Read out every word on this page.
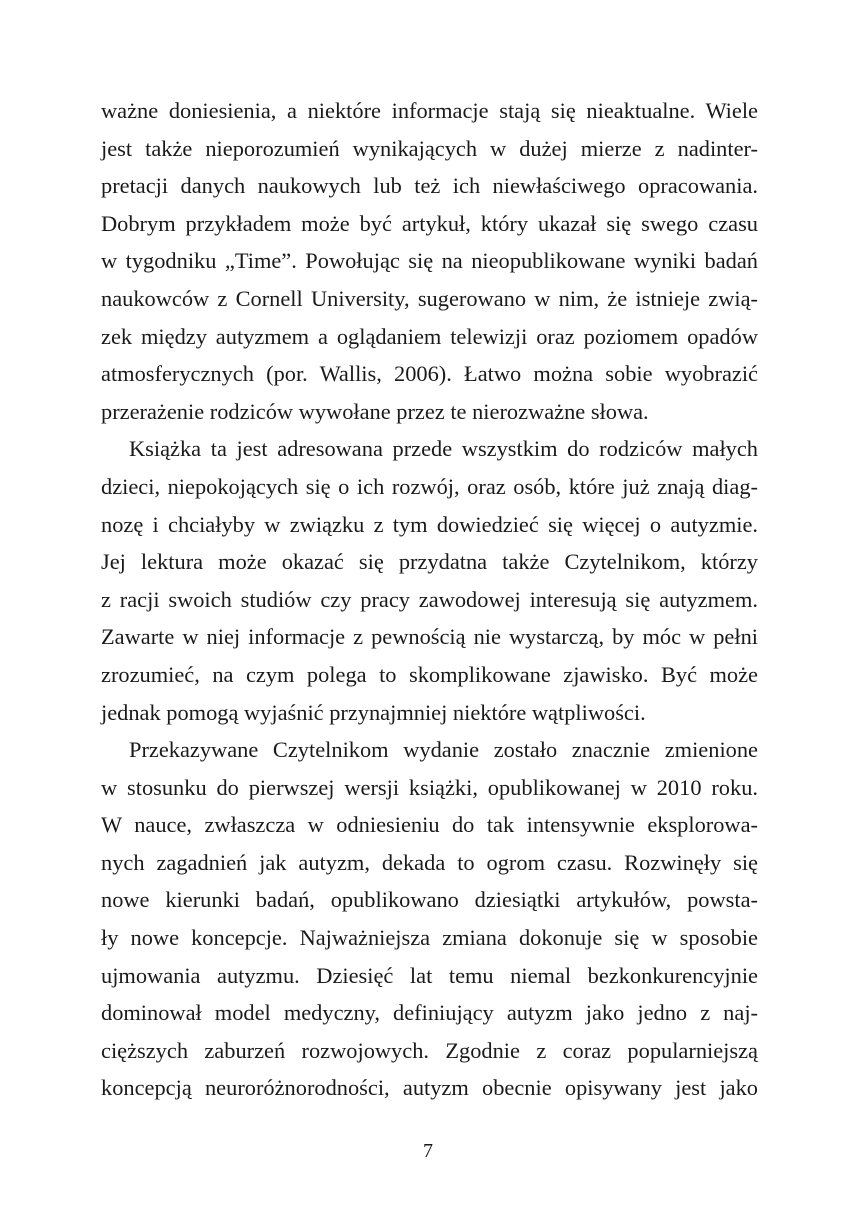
ważne doniesienia, a niektóre informacje stają się nieaktualne. Wiele
jest także nieporozumień wynikających w dużej mierze z nadinter-
pretacji danych naukowych lub też ich niewłaściwego opracowania.
Dobrym przykładem może być artykuł, który ukazał się swego czasu
w tygodniku „Time”. Powołując się na nieopublikowane wyniki badań
naukowców z Cornell University, sugerowano w nim, że istnieje zwią-
zek między autyzmem a oglądaniem telewizji oraz poziomem opadów
atmosferycznych (por. Wallis, 2006). Łatwo można sobie wyobrazić
przerażenie rodziców wywołane przez te nierozważne słowa.
Książka ta jest adresowana przede wszystkim do rodziców małych
dzieci, niepokojących się o ich rozwój, oraz osób, które już znają diag-
nozę i chciałyby w związku z tym dowiedzieć się więcej o autyzmie.
Jej lektura może okazać się przydatna także Czytelnikom, którzy
z racji swoich studiów czy pracy zawodowej interesują się autyzmem.
Zawarte w niej informacje z pewnością nie wystarczą, by móc w pełni
zrozumieć, na czym polega to skomplikowane zjawisko. Być może
jednak pomogą wyjaśnić przynajmniej niektóre wątpliwości.
Przekazywane Czytelnikom wydanie zostało znacznie zmienione
w stosunku do pierwszej wersji książki, opublikowanej w 2010 roku.
W nauce, zwłaszcza w odniesieniu do tak intensywnie eksplorowa-
nych zagadnień jak autyzm, dekada to ogrom czasu. Rozwinęły się
nowe kierunki badań, opublikowano dziesiątki artykułów, powsta-
ły nowe koncepcje. Najważniejsza zmiana dokonuje się w sposobie
ujmowania autyzmu. Dziesięć lat temu niemal bezkonkurencyjnie
dominował model medyczny, definiujący autyzm jako jedno z naj-
cięższych zaburzeń rozwojowych. Zgodnie z coraz popularniejszą
koncepcją neuroróżnorodności, autyzm obecnie opisywany jest jako
7
